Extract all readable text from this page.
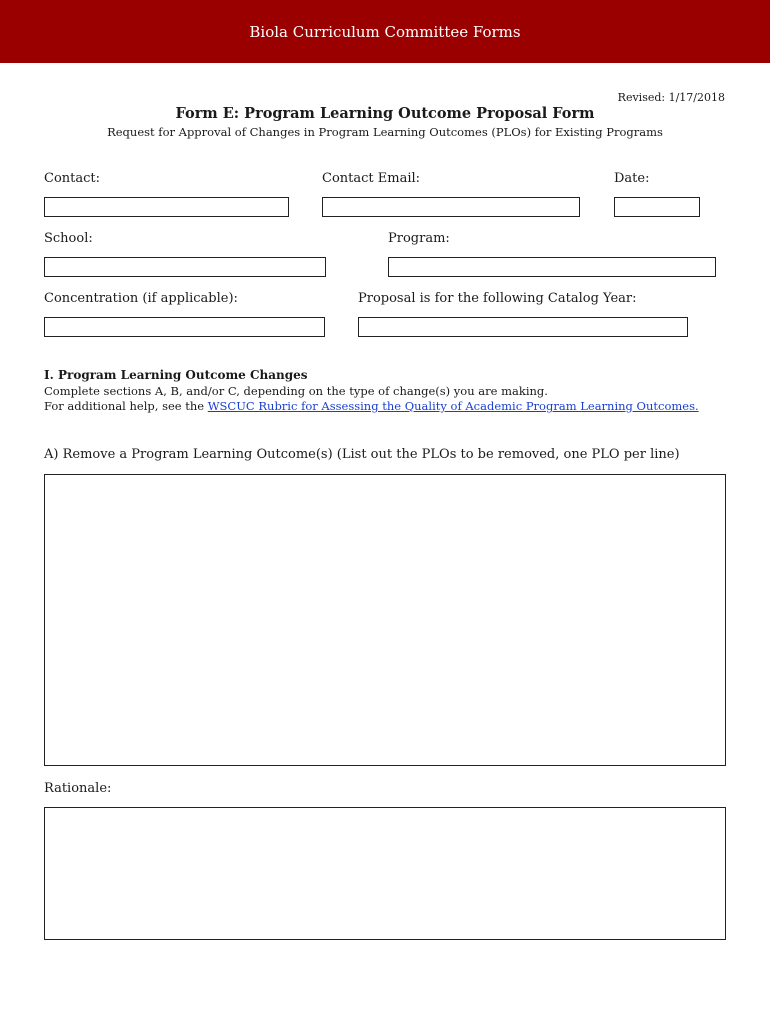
Biola Curriculum Committee Forms
Revised: 1/17/2018
Form E: Program Learning Outcome Proposal Form
Request for Approval of Changes in Program Learning Outcomes (PLOs) for Existing Programs
Contact:	Contact Email:	Date:
School:	Program:
Concentration (if applicable):	Proposal is for the following Catalog Year:
I. Program Learning Outcome Changes
Complete sections A, B, and/or C, depending on the type of change(s) you are making.
For additional help, see the WSCUC Rubric for Assessing the Quality of Academic Program Learning Outcomes.
A) Remove a Program Learning Outcome(s) (List out the PLOs to be removed, one PLO per line)
Rationale:
